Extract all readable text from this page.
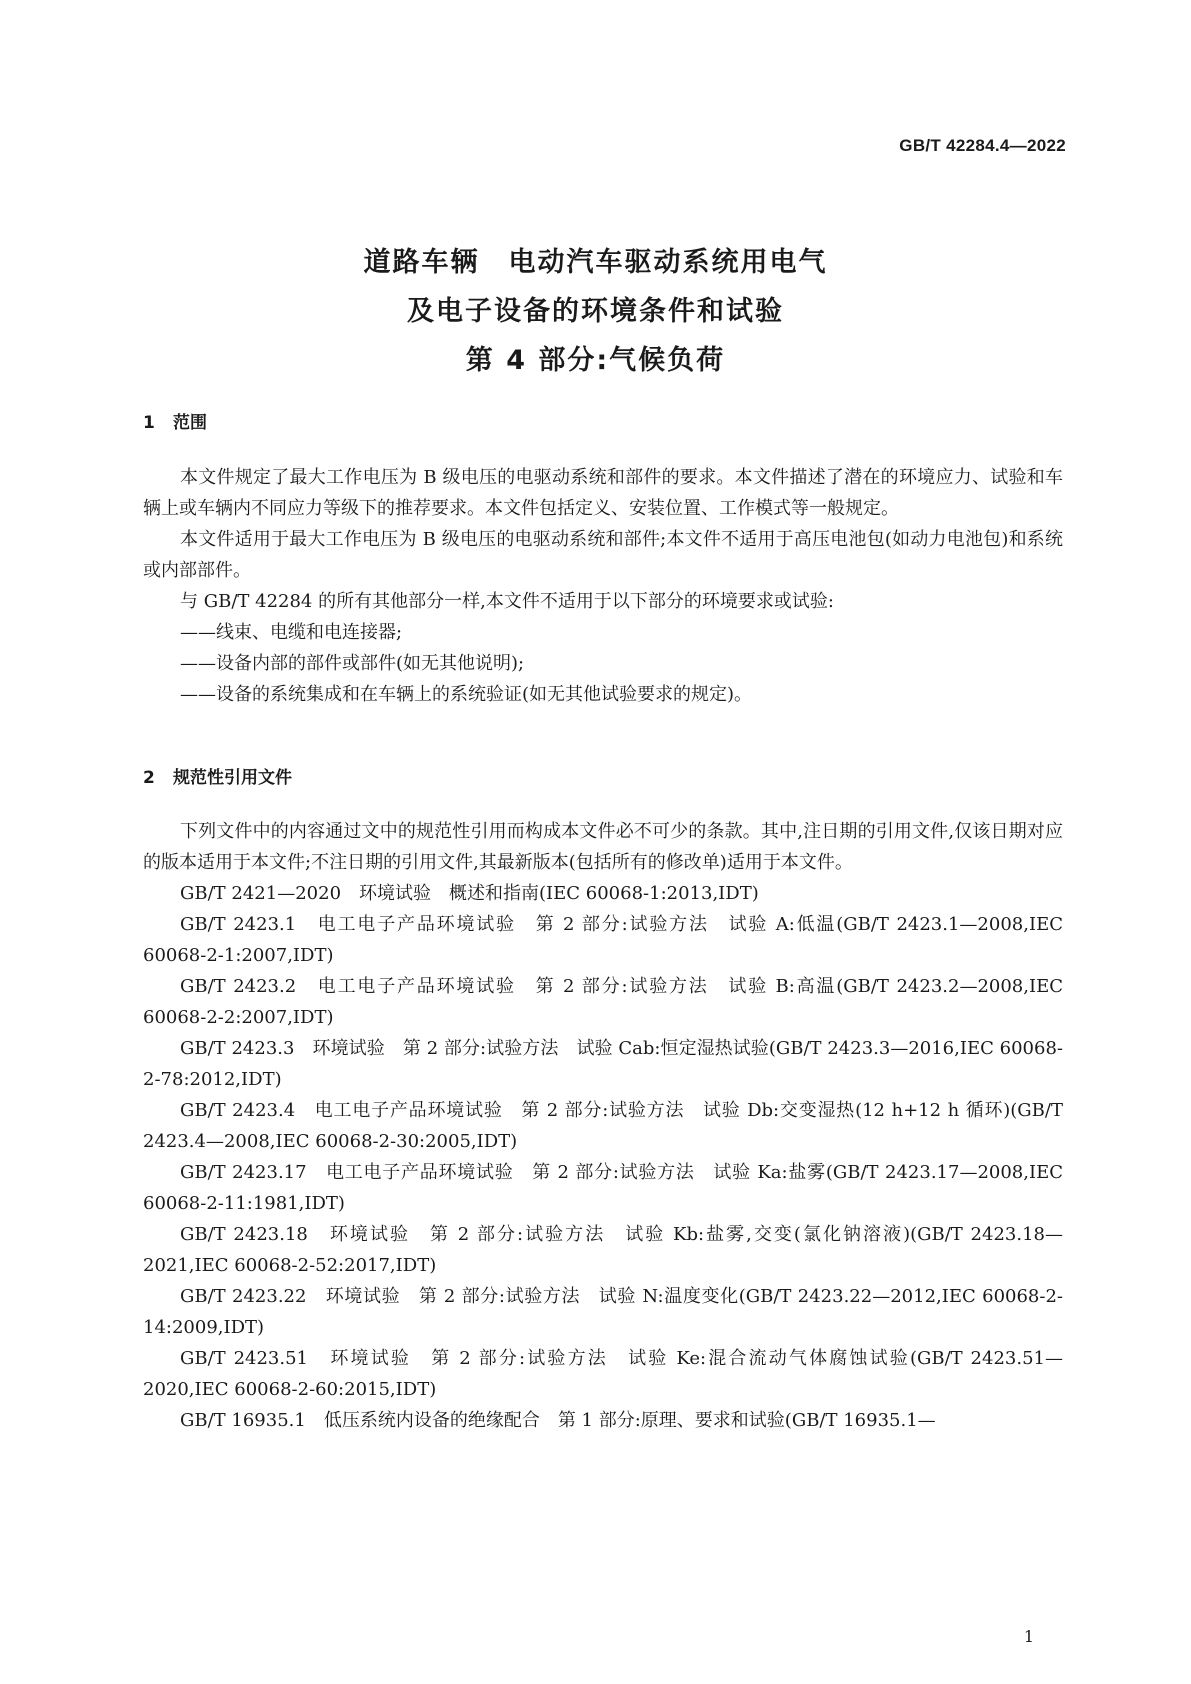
GB/T 42284.4—2022
道路车辆　电动汽车驱动系统用电气
及电子设备的环境条件和试验
第 4 部分:气候负荷
1 范围

本文件规定了最大工作电压为 B 级电压的电驱动系统和部件的要求。本文件描述了潜在的环境应力、试验和车辆上或车辆内不同应力等级下的推荐要求。本文件包括定义、安装位置、工作模式等一般规定。

本文件适用于最大工作电压为 B 级电压的电驱动系统和部件;本文件不适用于高压电池包(如动力电池包)和系统或内部部件。

与 GB/T 42284 的所有其他部分一样,本文件不适用于以下部分的环境要求或试验:

——线束、电缆和电连接器;

——设备内部的部件或部件(如无其他说明);

——设备的系统集成和在车辆上的系统验证(如无其他试验要求的规定)。

2 规范性引用文件

下列文件中的内容通过文中的规范性引用而构成本文件必不可少的条款。其中,注日期的引用文件,仅该日期对应的版本适用于本文件;不注日期的引用文件,其最新版本(包括所有的修改单)适用于本文件。

GB/T 2421—2020　环境试验　概述和指南(IEC 60068-1:2013,IDT)

GB/T 2423.1　电工电子产品环境试验　第 2 部分:试验方法　试验 A:低温(GB/T 2423.1—2008,IEC 60068-2-1:2007,IDT)

GB/T 2423.2　电工电子产品环境试验　第 2 部分:试验方法　试验 B:高温(GB/T 2423.2—2008,IEC 60068-2-2:2007,IDT)

GB/T 2423.3　环境试验　第 2 部分:试验方法　试验 Cab:恒定湿热试验(GB/T 2423.3—2016,IEC 60068-2-78:2012,IDT)

GB/T 2423.4　电工电子产品环境试验　第 2 部分:试验方法　试验 Db:交变湿热(12 h+12 h 循环)(GB/T 2423.4—2008,IEC 60068-2-30:2005,IDT)

GB/T 2423.17　电工电子产品环境试验　第 2 部分:试验方法　试验 Ka:盐雾(GB/T 2423.17—2008,IEC 60068-2-11:1981,IDT)

GB/T 2423.18　环境试验　第 2 部分:试验方法　试验 Kb:盐雾,交变(氯化钠溶液)(GB/T 2423.18—2021,IEC 60068-2-52:2017,IDT)

GB/T 2423.22　环境试验　第 2 部分:试验方法　试验 N:温度变化(GB/T 2423.22—2012,IEC 60068-2-14:2009,IDT)

GB/T 2423.51　环境试验　第 2 部分:试验方法　试验 Ke:混合流动气体腐蚀试验(GB/T 2423.51—2020,IEC 60068-2-60:2015,IDT)

GB/T 16935.1　低压系统内设备的绝缘配合　第 1 部分:原理、要求和试验(GB/T 16935.1—

1
